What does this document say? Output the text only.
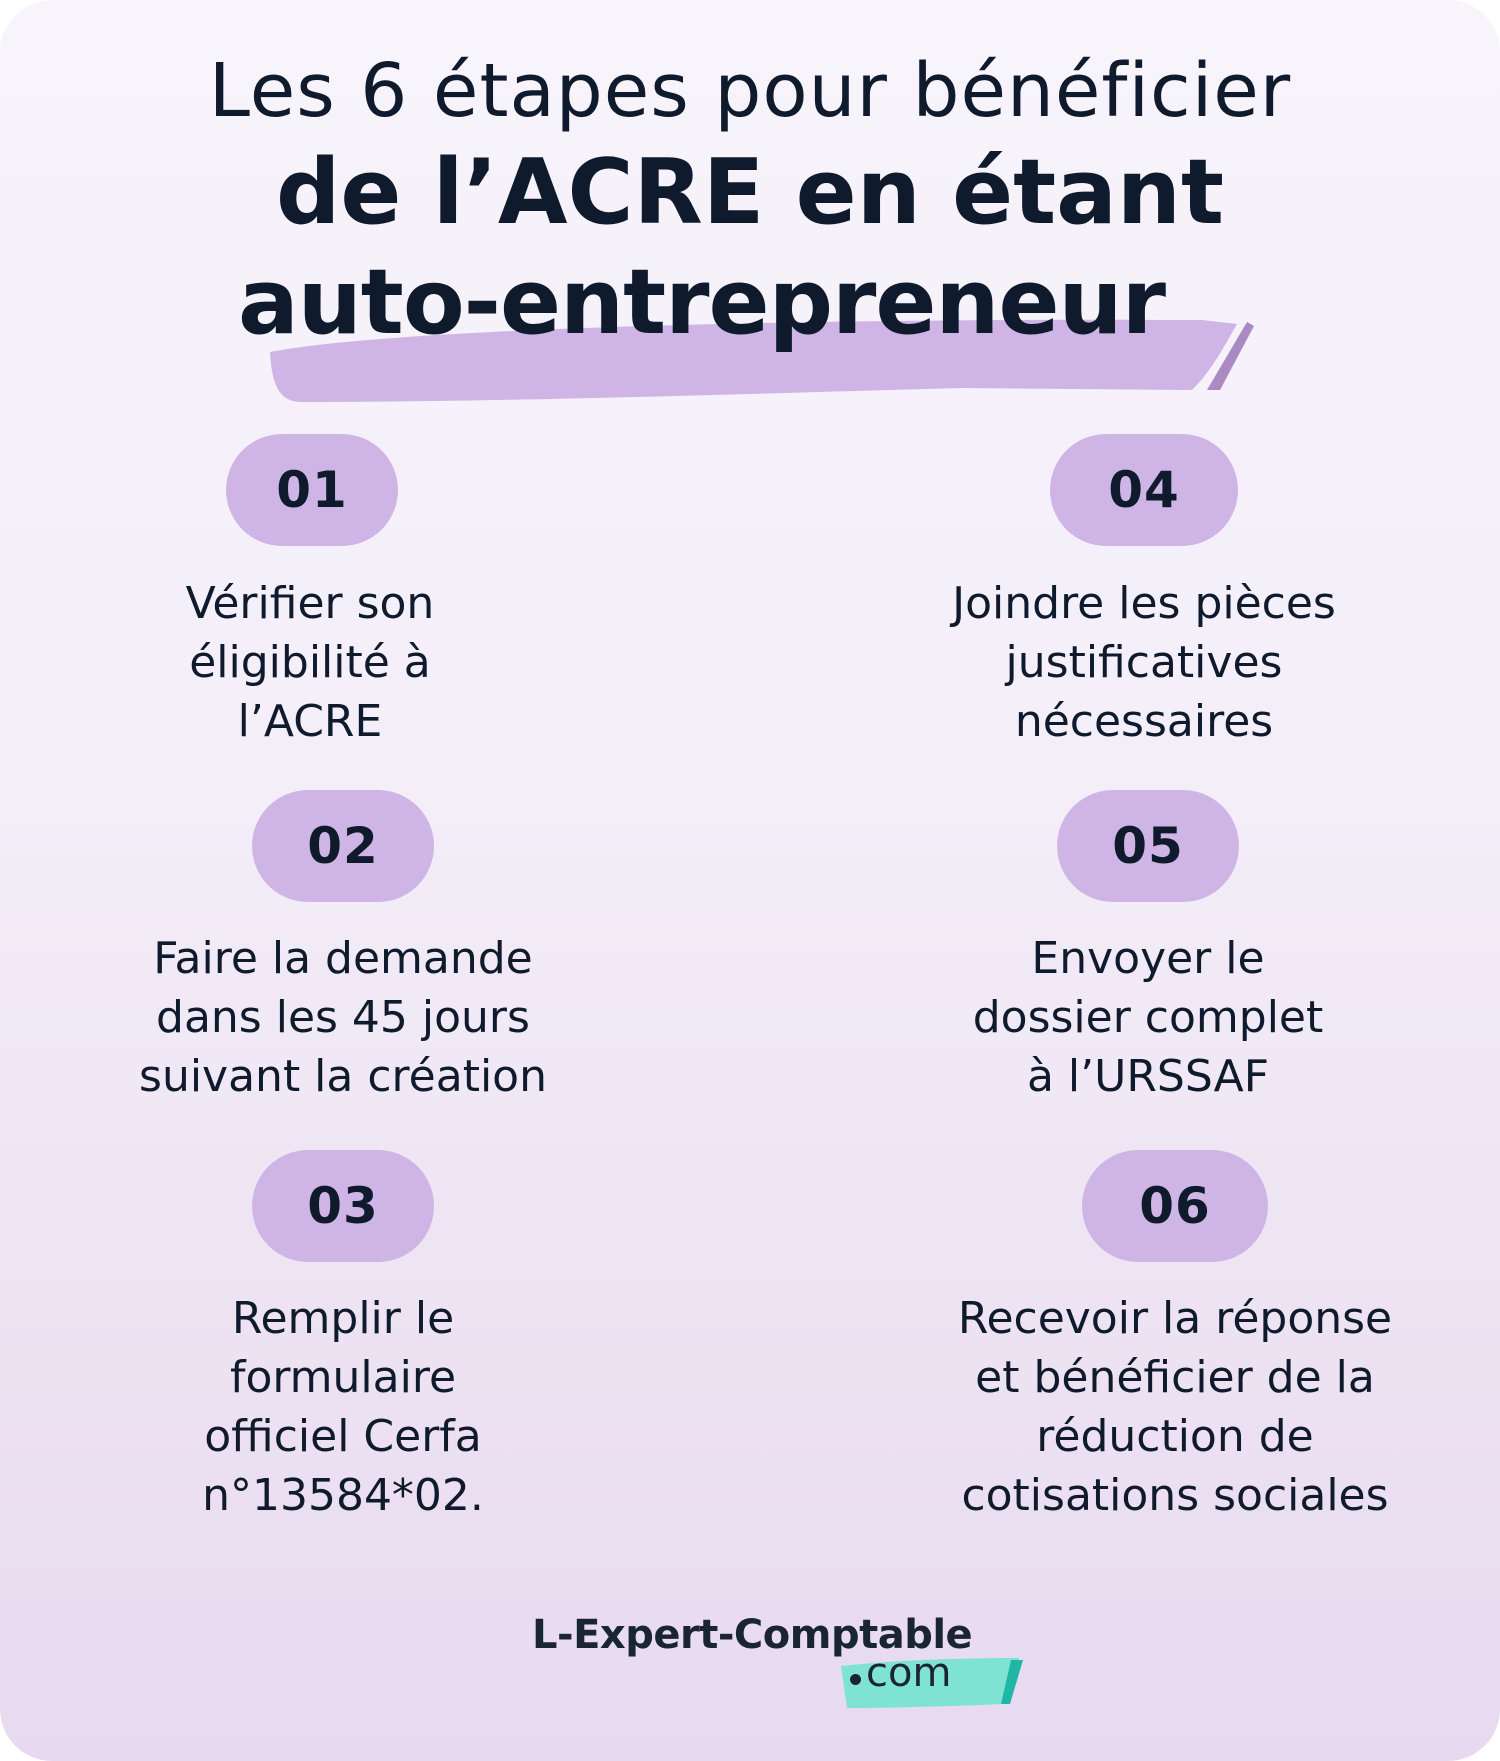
Les 6 étapes pour bénéficier
de l’ACRE en étant
auto-entrepreneur
01
Vérifier son
éligibilité à
l’ACRE
02
Faire la demande
dans les 45 jours
suivant la création
03
Remplir le
formulaire
officiel Cerfa
n°13584*02.
04
Joindre les pièces
justificatives
nécessaires
05
Envoyer le
dossier complet
à l’URSSAF
06
Recevoir la réponse
et bénéficier de la
réduction de
cotisations sociales
L-Expert-Comptable
com
